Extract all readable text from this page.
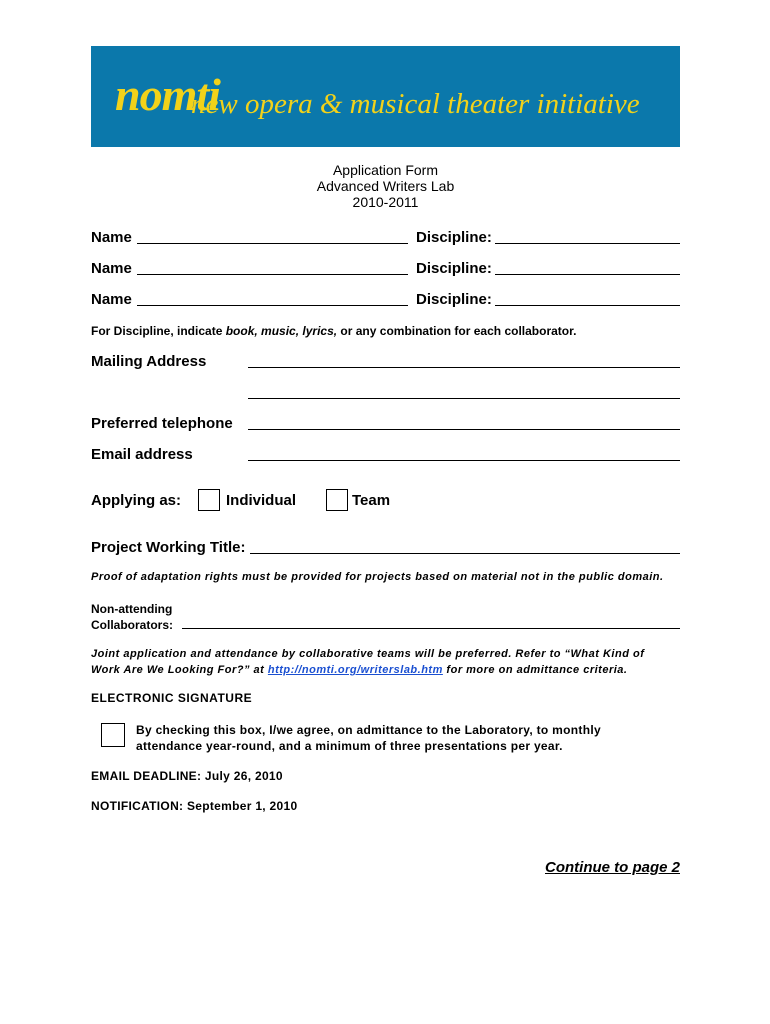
nomti
new opera & musical theater initiative
Application Form
Advanced Writers Lab
2010-2011
Name	Discipline:
Name	Discipline:
Name	Discipline:
For Discipline, indicate book, music, lyrics, or any combination for each collaborator.
Mailing Address
Preferred telephone
Email address
Applying as:	Individual	Team
Project Working Title:
Proof of adaptation rights must be provided for projects based on material not in the public domain.
Non-attending
Collaborators:
Joint application and attendance by collaborative teams will be preferred. Refer to “What Kind of
Work Are We Looking For?” at http://nomti.org/writerslab.htm for more on admittance criteria.
ELECTRONIC SIGNATURE
By checking this box, I/we agree, on admittance to the Laboratory, to monthly
attendance year-round, and a minimum of three presentations per year.
EMAIL DEADLINE: July 26, 2010
NOTIFICATION: September 1, 2010
Continue to page 2
